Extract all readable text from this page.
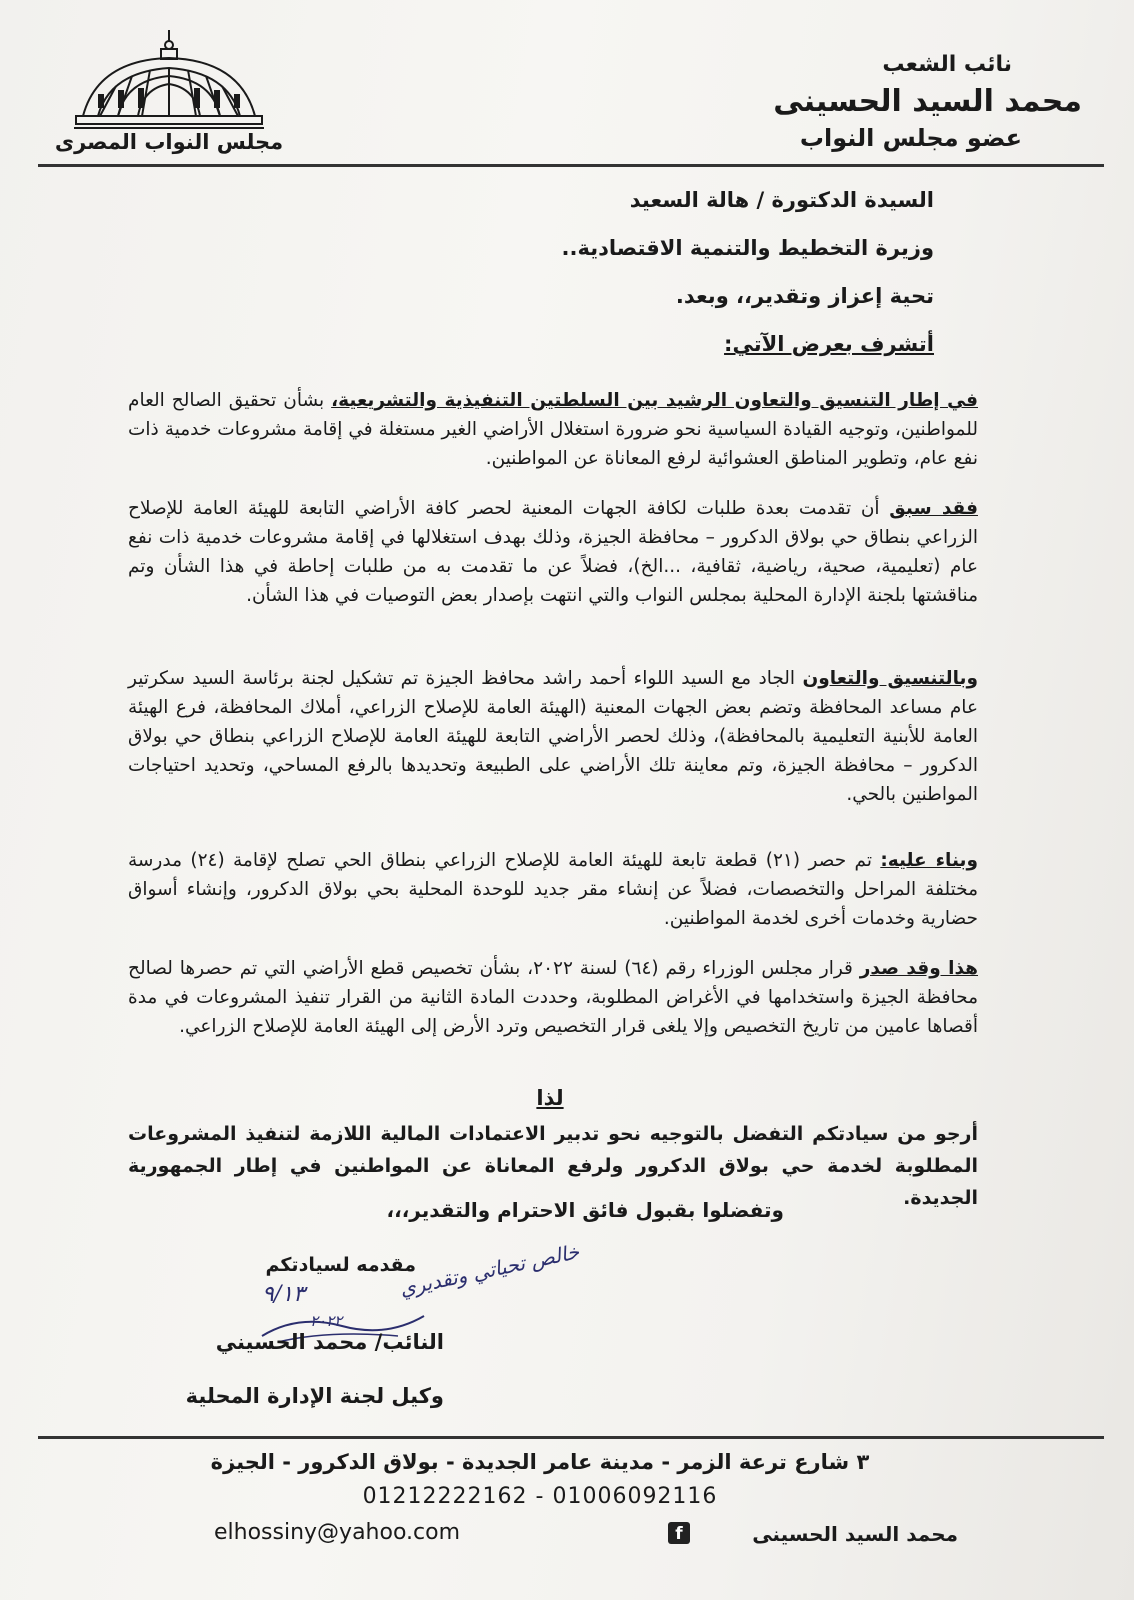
مجلس النواب المصرى
نائب الشعب
محمد السيد الحسينى
عضو مجلس النواب
السيدة الدكتورة / هالة السعيد
وزيرة التخطيط والتنمية الاقتصادية..
تحية إعزاز وتقدير،، وبعد.
أتشرف بعرض الآتي:
في إطار التنسيق والتعاون الرشيد بين السلطتين التنفيذية والتشريعية، بشأن تحقيق الصالح العام للمواطنين، وتوجيه القيادة السياسية نحو ضرورة استغلال الأراضي الغير مستغلة في إقامة مشروعات خدمية ذات نفع عام، وتطوير المناطق العشوائية لرفع المعاناة عن المواطنين.
فقد سبق أن تقدمت بعدة طلبات لكافة الجهات المعنية لحصر كافة الأراضي التابعة للهيئة العامة للإصلاح الزراعي بنطاق حي بولاق الدكرور – محافظة الجيزة، وذلك بهدف استغلالها في إقامة مشروعات خدمية ذات نفع عام (تعليمية، صحية، رياضية، ثقافية، ...الخ)، فضلاً عن ما تقدمت به من طلبات إحاطة في هذا الشأن وتم مناقشتها بلجنة الإدارة المحلية بمجلس النواب والتي انتهت بإصدار بعض التوصيات في هذا الشأن.
وبالتنسيق والتعاون الجاد مع السيد اللواء أحمد راشد محافظ الجيزة تم تشكيل لجنة برئاسة السيد سكرتير عام مساعد المحافظة وتضم بعض الجهات المعنية (الهيئة العامة للإصلاح الزراعي، أملاك المحافظة، فرع الهيئة العامة للأبنية التعليمية بالمحافظة)، وذلك لحصر الأراضي التابعة للهيئة العامة للإصلاح الزراعي بنطاق حي بولاق الدكرور – محافظة الجيزة، وتم معاينة تلك الأراضي على الطبيعة وتحديدها بالرفع المساحي، وتحديد احتياجات المواطنين بالحي.
وبناء عليه: تم حصر (٢١) قطعة تابعة للهيئة العامة للإصلاح الزراعي بنطاق الحي تصلح لإقامة (٢٤) مدرسة مختلفة المراحل والتخصصات، فضلاً عن إنشاء مقر جديد للوحدة المحلية بحي بولاق الدكرور، وإنشاء أسواق حضارية وخدمات أخرى لخدمة المواطنين.
هذا وقد صدر قرار مجلس الوزراء رقم (٦٤) لسنة ٢٠٢٢، بشأن تخصيص قطع الأراضي التي تم حصرها لصالح محافظة الجيزة واستخدامها في الأغراض المطلوبة، وحددت المادة الثانية من القرار تنفيذ المشروعات في مدة أقصاها عامين من تاريخ التخصيص وإلا يلغى قرار التخصيص وترد الأرض إلى الهيئة العامة للإصلاح الزراعي.
لذا
أرجو من سيادتكم التفضل بالتوجيه نحو تدبير الاعتمادات المالية اللازمة لتنفيذ المشروعات المطلوبة لخدمة حي بولاق الدكرور ولرفع المعاناة عن المواطنين في إطار الجمهورية الجديدة.
وتفضلوا بقبول فائق الاحترام والتقدير،،،
مقدمه لسيادتكم
خالص تحياتي وتقديري
٩/١٣
٢٠٢٢
النائب/ محمد الحسيني
وكيل لجنة الإدارة المحلية
٣ شارع ترعة الزمر - مدينة عامر الجديدة - بولاق الدكرور - الجيزة
01212222162 - 01006092116
elhossiny@yahoo.com	f	محمد السيد الحسينى
